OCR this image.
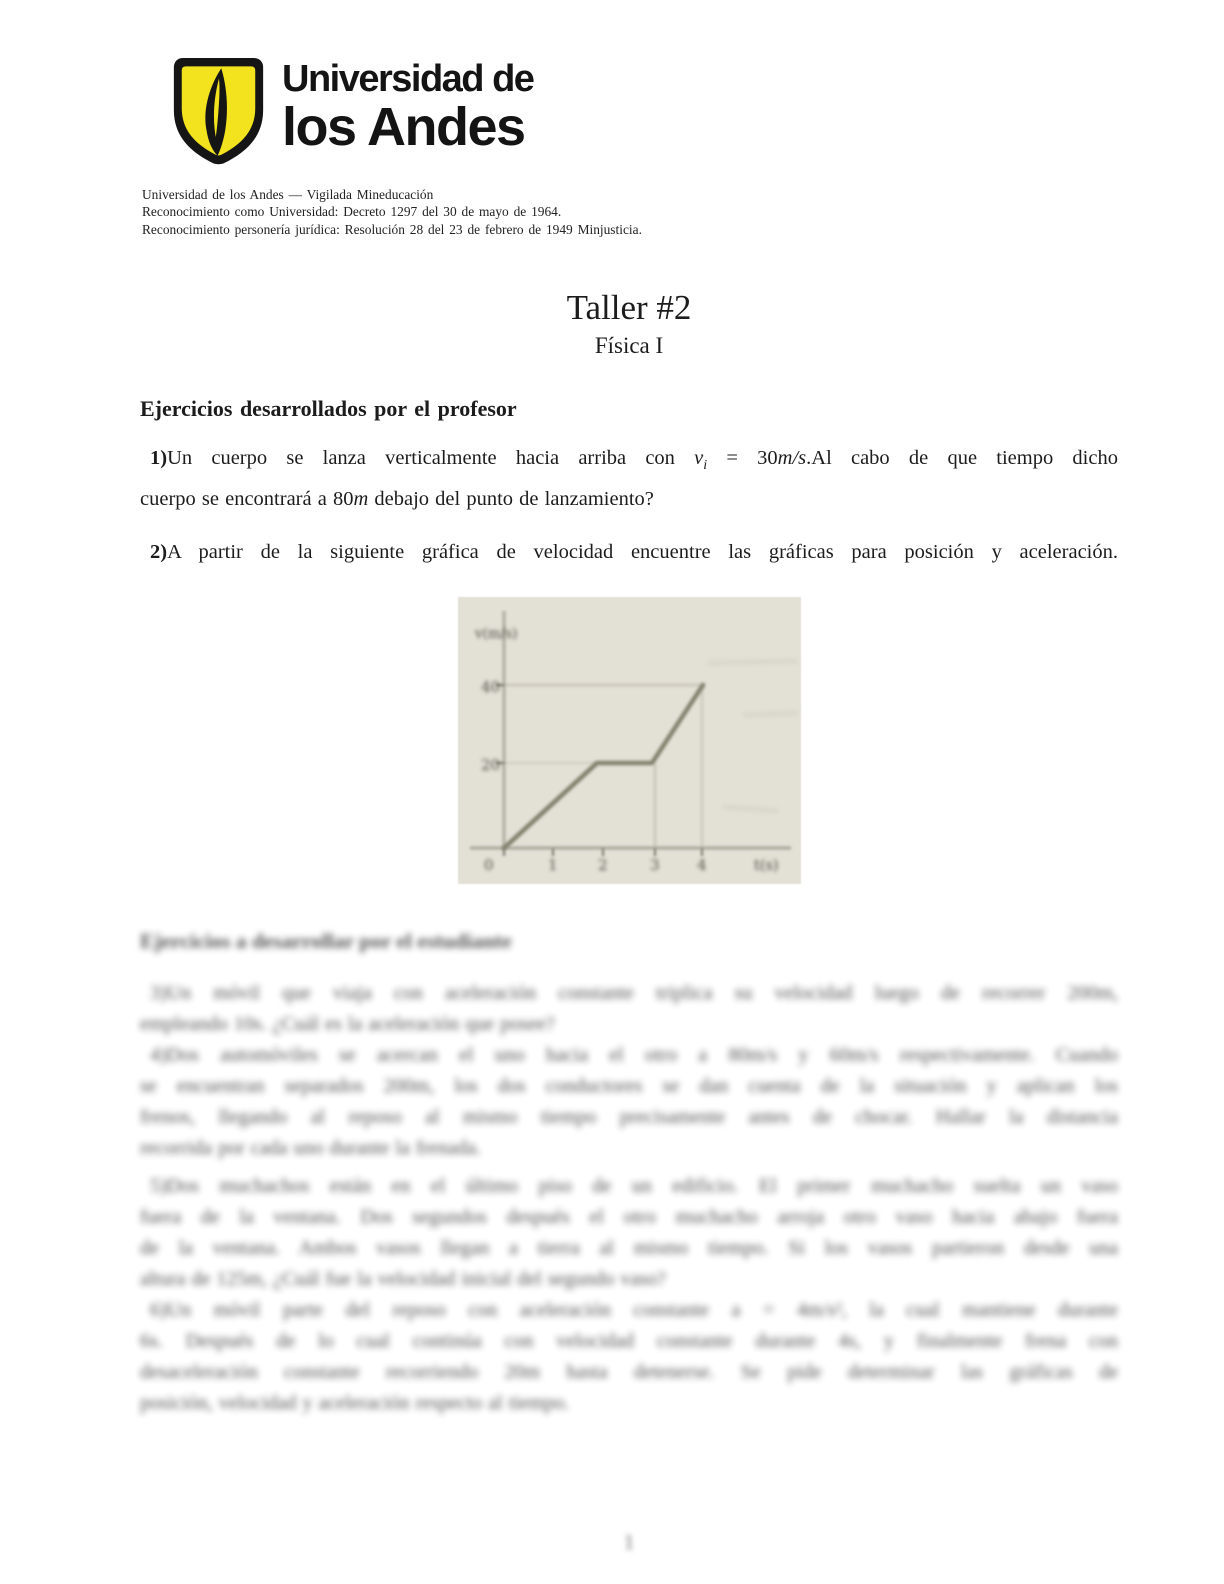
Universidad de
los Andes
Universidad de los Andes — Vigilada Mineducación
Reconocimiento como Universidad: Decreto 1297 del 30 de mayo de 1964.
Reconocimiento personería jurídica: Resolución 28 del 23 de febrero de 1949 Minjusticia.
Taller #2
Física I
Ejercicios desarrollados por el profesor
1)Un cuerpo se lanza verticalmente hacia arriba con $v_i = 30m/s.Al$ cabo de que tiempo dicho
cuerpo se encontrará a 80m debajo del punto de lanzamiento?
2)A partir de la siguiente gráfica de velocidad encuentre las gráficas para posición y aceleración.
v(m/s)
40
20
0	1	2	3 4	t(s)
Ejercicios a desarrollar por el estudiante
3)Un móvil que viaja con aceleración constante triplica su velocidad luego de recorrer 200m,
empleando 10s. ¿Cuál es la aceleración que posee?
4)Dos automóviles se acercan el uno hacia el otro a 80m/s y 60m/s respectivamente. Cuando
se encuentran separados 200m, los dos conductores se dan cuenta de la situación y aplican los
frenos, llegando al reposo al mismo tiempo precisamente antes de chocar. Hallar la distancia
recorrida por cada uno durante la frenada.
5)Dos muchachos están en el último piso de un edificio. El primer muchacho suelta un vaso
fuera de la ventana. Dos segundos después el otro muchacho arroja otro vaso hacia abajo fuera
de la ventana. Ambos vasos llegan a tierra al mismo tiempo. Si los vasos partieron desde una
altura de 125m, ¿Cuál fue la velocidad inicial del segundo vaso?
6)Un móvil parte del reposo con aceleración constante a = 4m/s², la cual mantiene durante
6s. Después de lo cual continúa con velocidad constante durante 4s, y finalmente frena con
desaceleración constante recorriendo 20m hasta detenerse. Se pide determinar las gráficas de
posición, velocidad y aceleración respecto al tiempo.
1
